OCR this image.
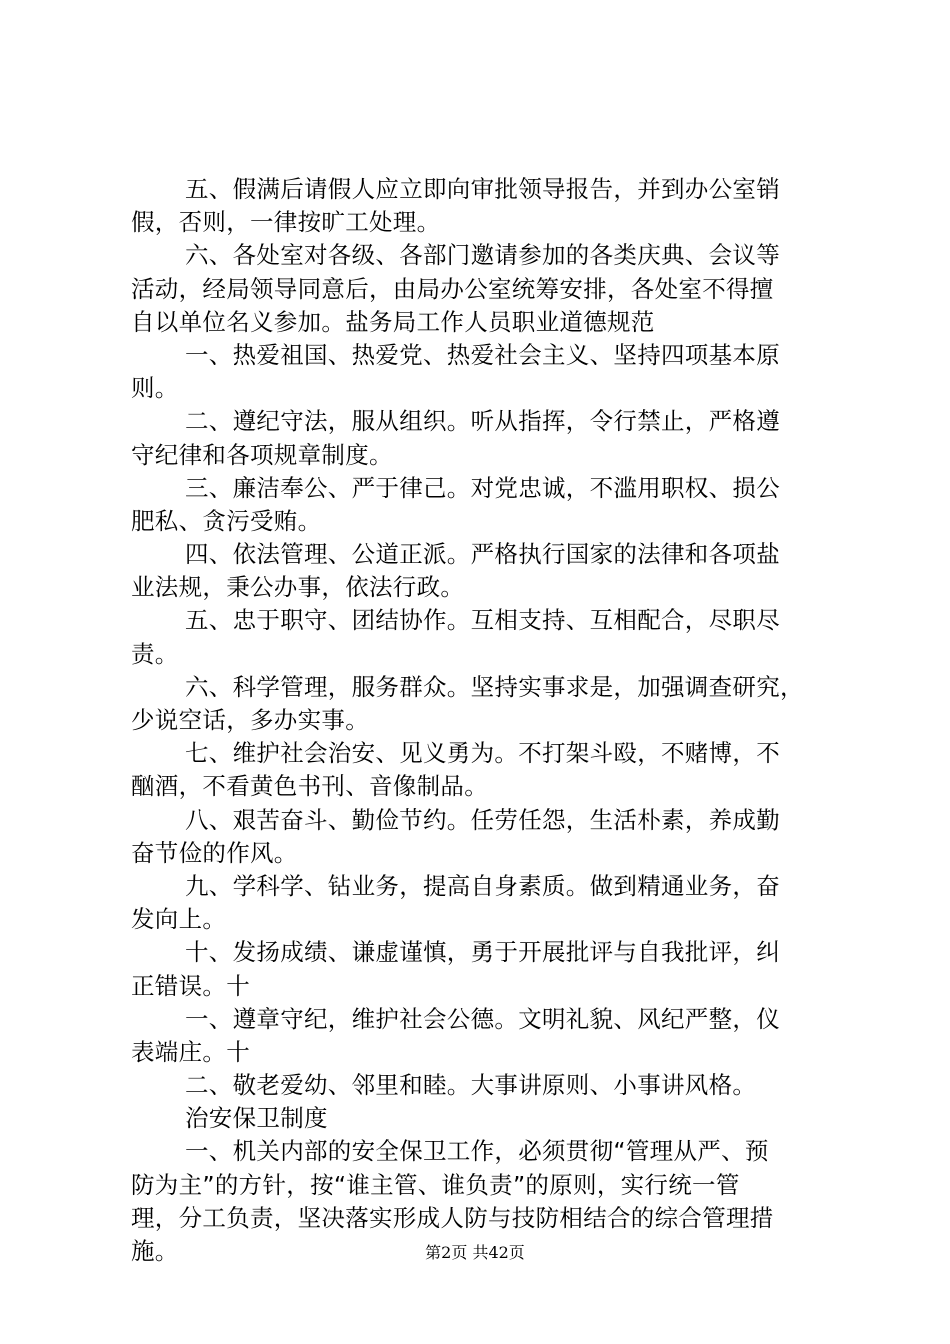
五、假满后请假人应立即向审批领导报告，并到办公室销
假，否则，一律按旷工处理。
六、各处室对各级、各部门邀请参加的各类庆典、会议等
活动，经局领导同意后，由局办公室统筹安排，各处室不得擅
自以单位名义参加。盐务局工作人员职业道德规范
一、热爱祖国、热爱党、热爱社会主义、坚持四项基本原
则。
二、遵纪守法，服从组织。听从指挥，令行禁止，严格遵
守纪律和各项规章制度。
三、廉洁奉公、严于律己。对党忠诚，不滥用职权、损公
肥私、贪污受贿。
四、依法管理、公道正派。严格执行国家的法律和各项盐
业法规，秉公办事，依法行政。
五、忠于职守、团结协作。互相支持、互相配合，尽职尽
责。
六、科学管理，服务群众。坚持实事求是，加强调查研究，
少说空话，多办实事。
七、维护社会治安、见义勇为。不打架斗殴，不赌博，不
酗酒，不看黄色书刊、音像制品。
八、艰苦奋斗、勤俭节约。任劳任怨，生活朴素，养成勤
奋节俭的作风。
九、学科学、钻业务，提高自身素质。做到精通业务，奋
发向上。
十、发扬成绩、谦虚谨慎，勇于开展批评与自我批评，纠
正错误。十
一、遵章守纪，维护社会公德。文明礼貌、风纪严整，仪
表端庄。十
二、敬老爱幼、邻里和睦。大事讲原则、小事讲风格。
治安保卫制度
一、机关内部的安全保卫工作，必须贯彻“管理从严、预
防为主”的方针，按“谁主管、谁负责”的原则，实行统一管
理，分工负责，坚决落实形成人防与技防相结合的综合管理措
施。	第2页 共42页
